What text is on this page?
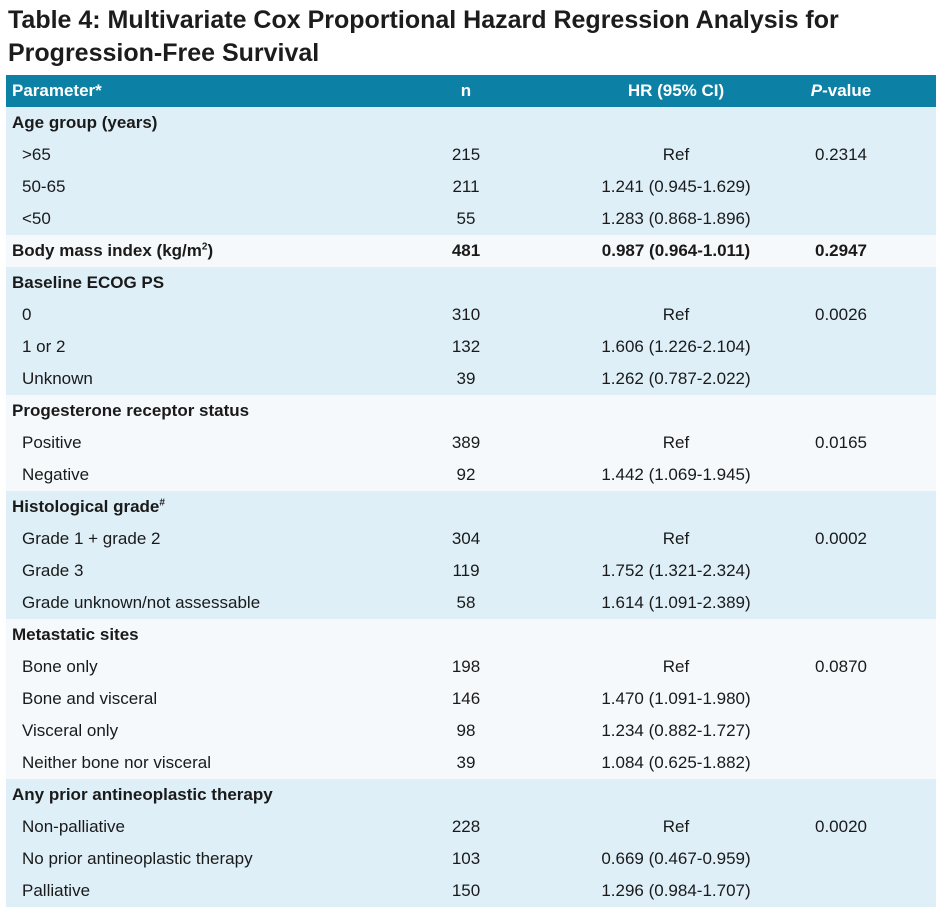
Table 4: Multivariate Cox Proportional Hazard Regression Analysis for
Progression-Free Survival
Parameter*	n	HR (95% CI)	P-value
Age group (years)
>65	215	Ref	0.2314
50-65	211	1.241 (0.945-1.629)
<50	55	1.283 (0.868-1.896)
Body mass index $(kg/m^2)$	481	0.987 (0.964-1.011)	0.2947
Baseline ECOG PS
0	310	Ref	0.0026
1 or 2	132	1.606 (1.226-2.104)
Unknown	39	1.262 (0.787-2.022)
Progesterone receptor status
Positive	389	Ref	0.0165
Negative	92	1.442 (1.069-1.945)
Histological grade#
Grade 1 + grade 2	304	Ref	0.0002
Grade 3	119	1.752 (1.321-2.324)
Grade unknown/not assessable	58	1.614 (1.091-2.389)
Metastatic sites
Bone only	198	Ref	0.0870
Bone and visceral	146	1.470 (1.091-1.980)
Visceral only	98	1.234 (0.882-1.727)
Neither bone nor visceral	39	1.084 (0.625-1.882)
Any prior antineoplastic therapy
Non-palliative	228	Ref	0.0020
No prior antineoplastic therapy	103	0.669 (0.467-0.959)
Palliative	150	1.296 (0.984-1.707)
